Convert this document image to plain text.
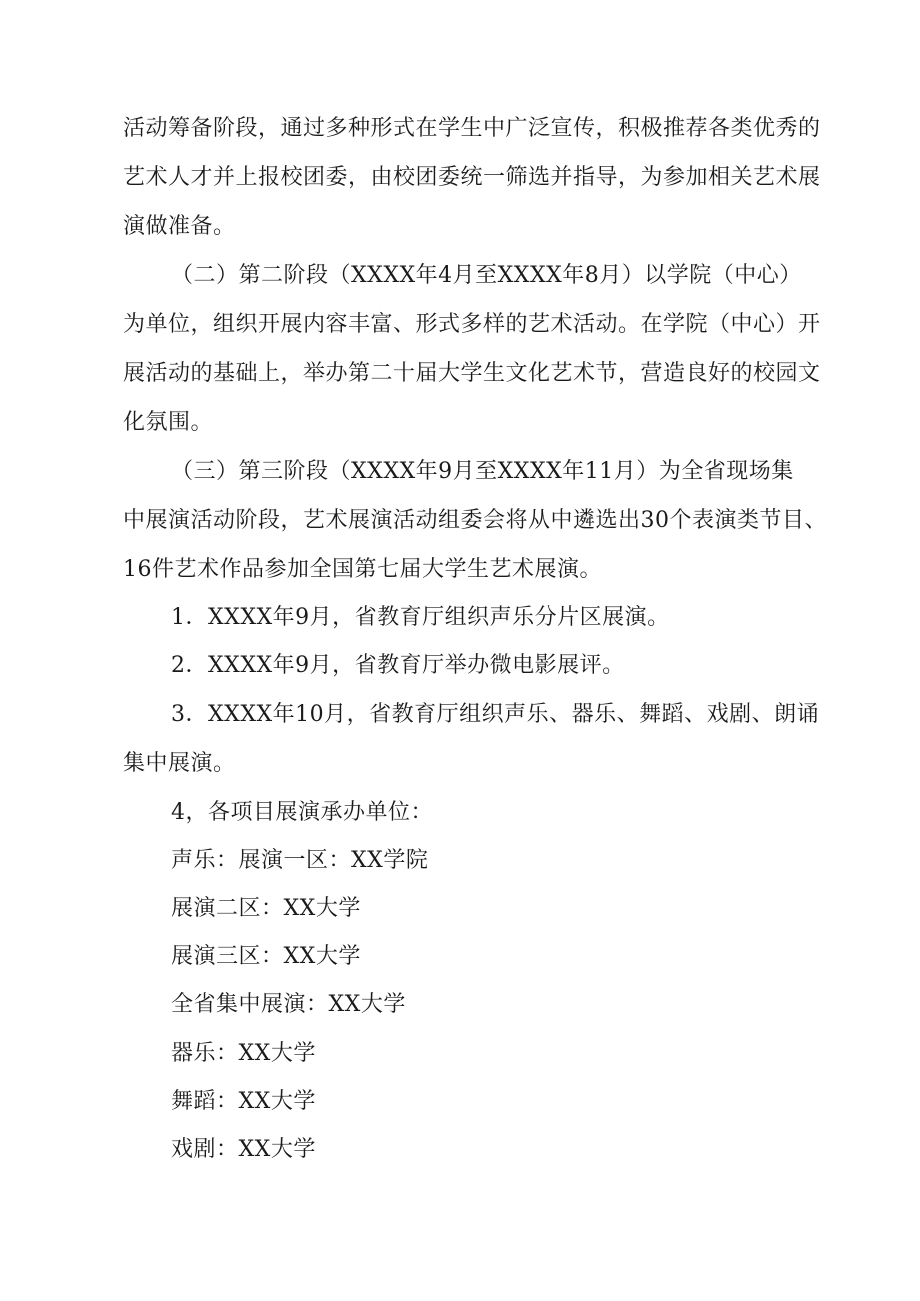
活动筹备阶段，通过多种形式在学生中广泛宣传，积极推荐各类优秀的
艺术人才并上报校团委，由校团委统一筛选并指导，为参加相关艺术展
演做准备。
（二）第二阶段（XXXX年4月至XXXX年8月）以学院（中心）
为单位，组织开展内容丰富、形式多样的艺术活动。在学院（中心）开
展活动的基础上，举办第二十届大学生文化艺术节，营造良好的校园文
化氛围。
（三）第三阶段（XXXX年9月至XXXX年11月）为全省现场集
中展演活动阶段，艺术展演活动组委会将从中遴选出30个表演类节目、
16件艺术作品参加全国第七届大学生艺术展演。
1．XXXX年9月，省教育厅组织声乐分片区展演。
2．XXXX年9月，省教育厅举办微电影展评。
3．XXXX年10月，省教育厅组织声乐、器乐、舞蹈、戏剧、朗诵
集中展演。
4，各项目展演承办单位：
声乐：展演一区：XX学院
展演二区：XX大学
展演三区：XX大学
全省集中展演：XX大学
器乐：XX大学
舞蹈：XX大学
戏剧：XX大学
